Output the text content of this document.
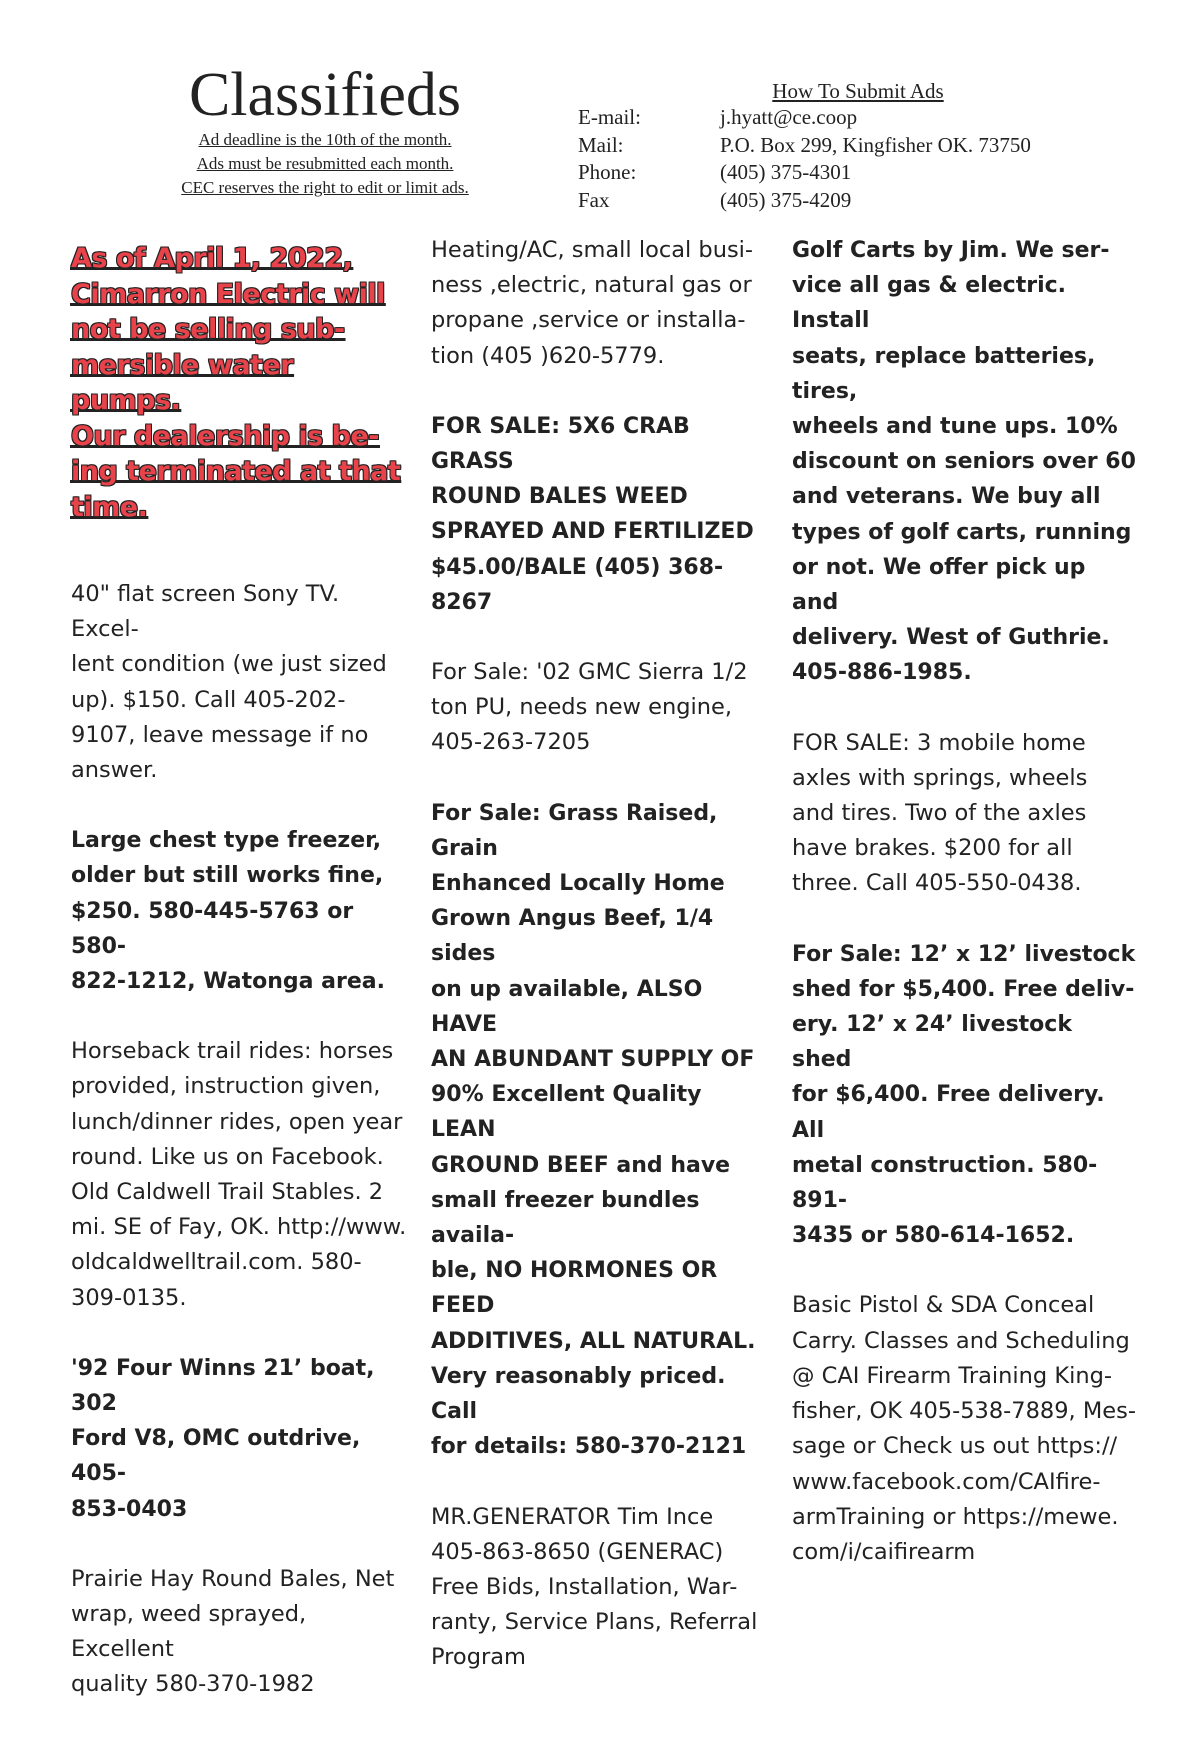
Classifieds
Ad deadline is the 10th of the month.
Ads must be resubmitted each month.
CEC reserves the right to edit or limit ads.
How To Submit Ads
E-mail:	j.hyatt@ce.coop
Mail:	P.O. Box 299, Kingfisher OK. 73750
Phone:	(405) 375-4301
Fax	(405) 375-4209
As of April 1, 2022,
Cimarron Electric will
not be selling sub-
mersible water pumps.
Our dealership is be-
ing terminated at that
time.
40" flat screen Sony TV. Excel-
lent condition (we just sized
up). $150. Call 405-202-
9107, leave message if no
answer.
Large chest type freezer,
older but still works fine,
$250. 580-445-5763 or 580-
822-1212, Watonga area.
Horseback trail rides: horses
provided, instruction given,
lunch/dinner rides, open year
round. Like us on Facebook.
Old Caldwell Trail Stables. 2
mi. SE of Fay, OK. http://www.
oldcaldwelltrail.com. 580-
309-0135.
'92 Four Winns 21’ boat, 302
Ford V8, OMC outdrive, 405-
853-0403
Prairie Hay Round Bales, Net
wrap, weed sprayed, Excellent
quality 580-370-1982
Heating/AC, small local busi-
ness ,electric, natural gas or
propane ,service or installa-
tion (405 )620-5779.
FOR SALE: 5X6 CRAB GRASS
ROUND BALES WEED
SPRAYED AND FERTILIZED
$45.00/BALE (405) 368-8267
For Sale: '02 GMC Sierra 1/2
ton PU, needs new engine,
405-263-7205
For Sale: Grass Raised, Grain
Enhanced Locally Home
Grown Angus Beef, 1/4 sides
on up available, ALSO HAVE
AN ABUNDANT SUPPLY OF
90% Excellent Quality LEAN
GROUND BEEF and have
small freezer bundles availa-
ble, NO HORMONES OR FEED
ADDITIVES, ALL NATURAL.
Very reasonably priced. Call
for details: 580-370-2121
MR.GENERATOR Tim Ince
405-863-8650 (GENERAC)
Free Bids, Installation, War-
ranty, Service Plans, Referral
Program
Golf Carts by Jim. We ser-
vice all gas & electric. Install
seats, replace batteries, tires,
wheels and tune ups. 10%
discount on seniors over 60
and veterans. We buy all
types of golf carts, running
or not. We offer pick up and
delivery. West of Guthrie.
405-886-1985.
FOR SALE: 3 mobile home
axles with springs, wheels
and tires. Two of the axles
have brakes. $200 for all
three. Call 405-550-0438.
For Sale: 12’ x 12’ livestock
shed for $5,400. Free deliv-
ery. 12’ x 24’ livestock shed
for $6,400. Free delivery. All
metal construction. 580-891-
3435 or 580-614-1652.
Basic Pistol & SDA Conceal
Carry. Classes and Scheduling
@ CAI Firearm Training King-
fisher, OK 405-538-7889, Mes-
sage or Check us out https://
www.facebook.com/CAIfire-
armTraining or https://mewe.
com/i/caifirearm
